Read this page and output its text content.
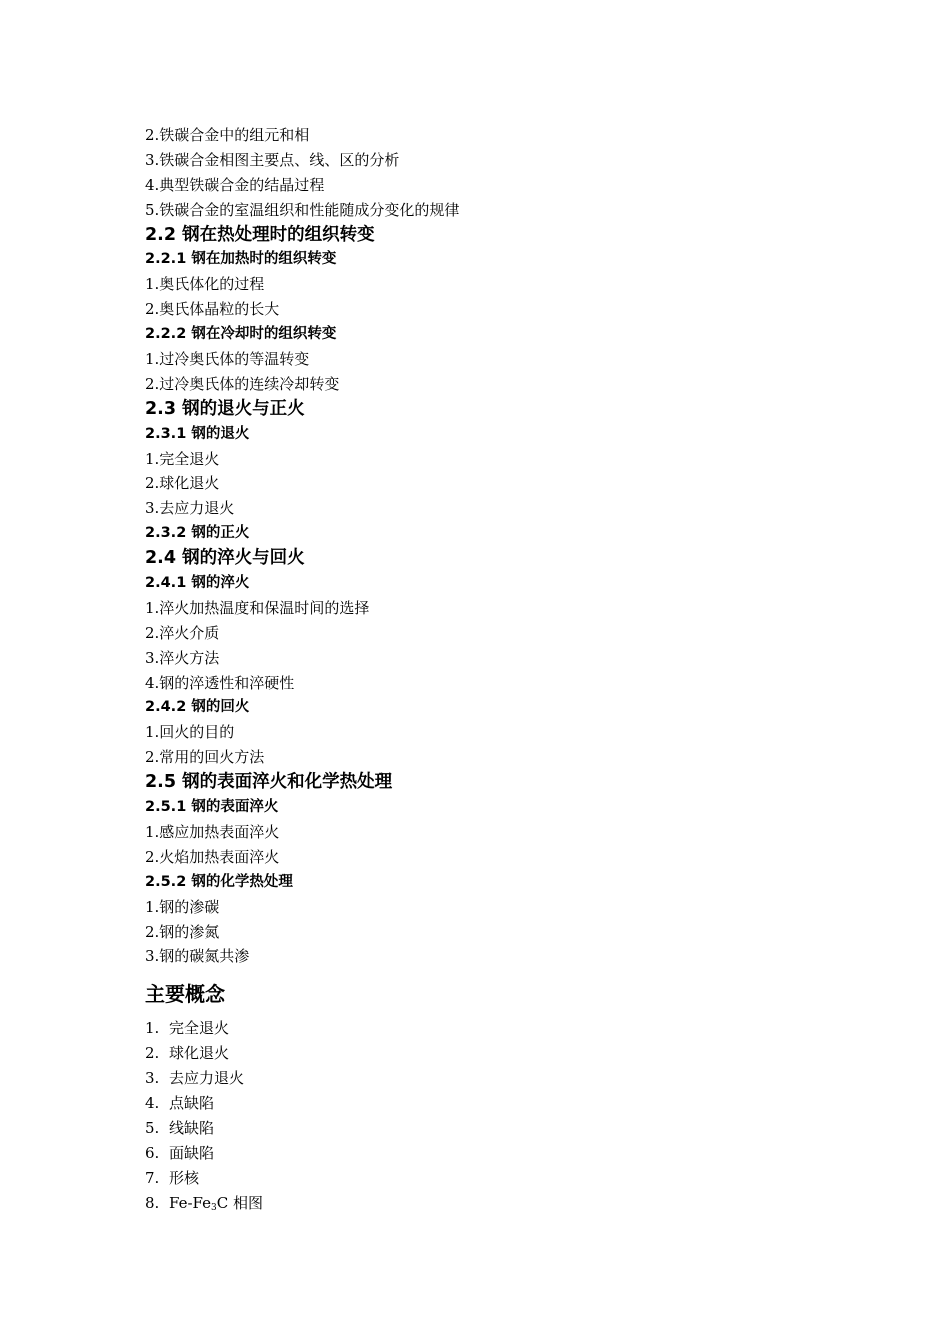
2.铁碳合金中的组元和相
3.铁碳合金相图主要点、线、区的分析
4.典型铁碳合金的结晶过程
5.铁碳合金的室温组织和性能随成分变化的规律
2.2 钢在热处理时的组织转变
2.2.1 钢在加热时的组织转变
1.奥氏体化的过程
2.奥氏体晶粒的长大
2.2.2 钢在冷却时的组织转变
1.过冷奥氏体的等温转变
2.过冷奥氏体的连续冷却转变
2.3 钢的退火与正火
2.3.1 钢的退火
1.完全退火
2.球化退火
3.去应力退火
2.3.2 钢的正火
2.4 钢的淬火与回火
2.4.1 钢的淬火
1.淬火加热温度和保温时间的选择
2.淬火介质
3.淬火方法
4.钢的淬透性和淬硬性
2.4.2 钢的回火
1.回火的目的
2.常用的回火方法
2.5 钢的表面淬火和化学热处理
2.5.1 钢的表面淬火
1.感应加热表面淬火
2.火焰加热表面淬火
2.5.2 钢的化学热处理
1.钢的渗碳
2.钢的渗氮
3.钢的碳氮共渗
主要概念
1. 完全退火
2. 球化退火
3. 去应力退火
4. 点缺陷
5. 线缺陷
6. 面缺陷
7. 形核
8. $Fe-Fe_3C$ 相图
